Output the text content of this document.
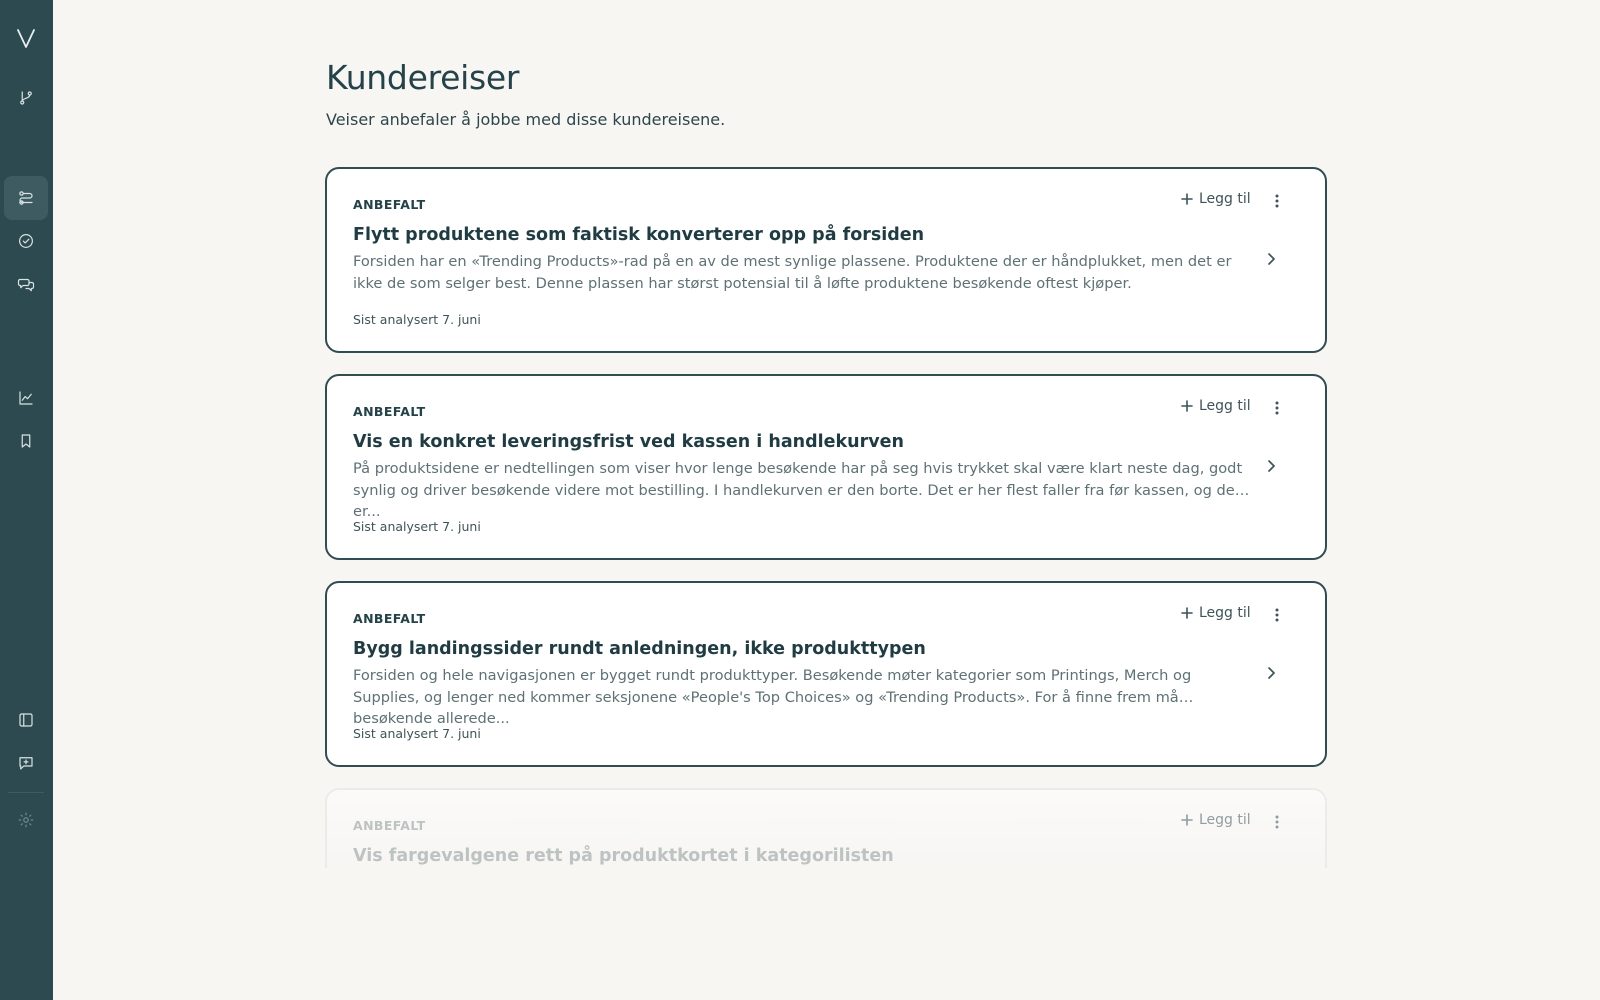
Kundereiser

Veiser anbefaler å jobbe med disse kundereisene.

ANBEFALT	Legg til
Flytt produktene som faktisk konverterer opp på forsiden
Forsiden har en «Trending Products»-rad på en av de mest synlige plassene. Produktene der er håndplukket, men det er ikke de som selger best. Denne plassen har størst potensial til å løfte produktene besøkende oftest kjøper.
Sist analysert 7. juni
ANBEFALT	Legg til
Vis en konkret leveringsfrist ved kassen i handlekurven
På produktsidene er nedtellingen som viser hvor lenge besøkende har på seg hvis trykket skal være klart neste dag, godt synlig og driver besøkende videre mot bestilling. I handlekurven er den borte. Det er her flest faller fra før kassen, og det er...
Sist analysert 7. juni
ANBEFALT	Legg til
Bygg landingssider rundt anledningen, ikke produkttypen
Forsiden og hele navigasjonen er bygget rundt produkttyper. Besøkende møter kategorier som Printings, Merch og Supplies, og lenger ned kommer seksjonene «People's Top Choices» og «Trending Products». For å finne frem må besøkende allerede...
Sist analysert 7. juni
ANBEFALT	Legg til
Vis fargevalgene rett på produktkortet i kategorilisten
